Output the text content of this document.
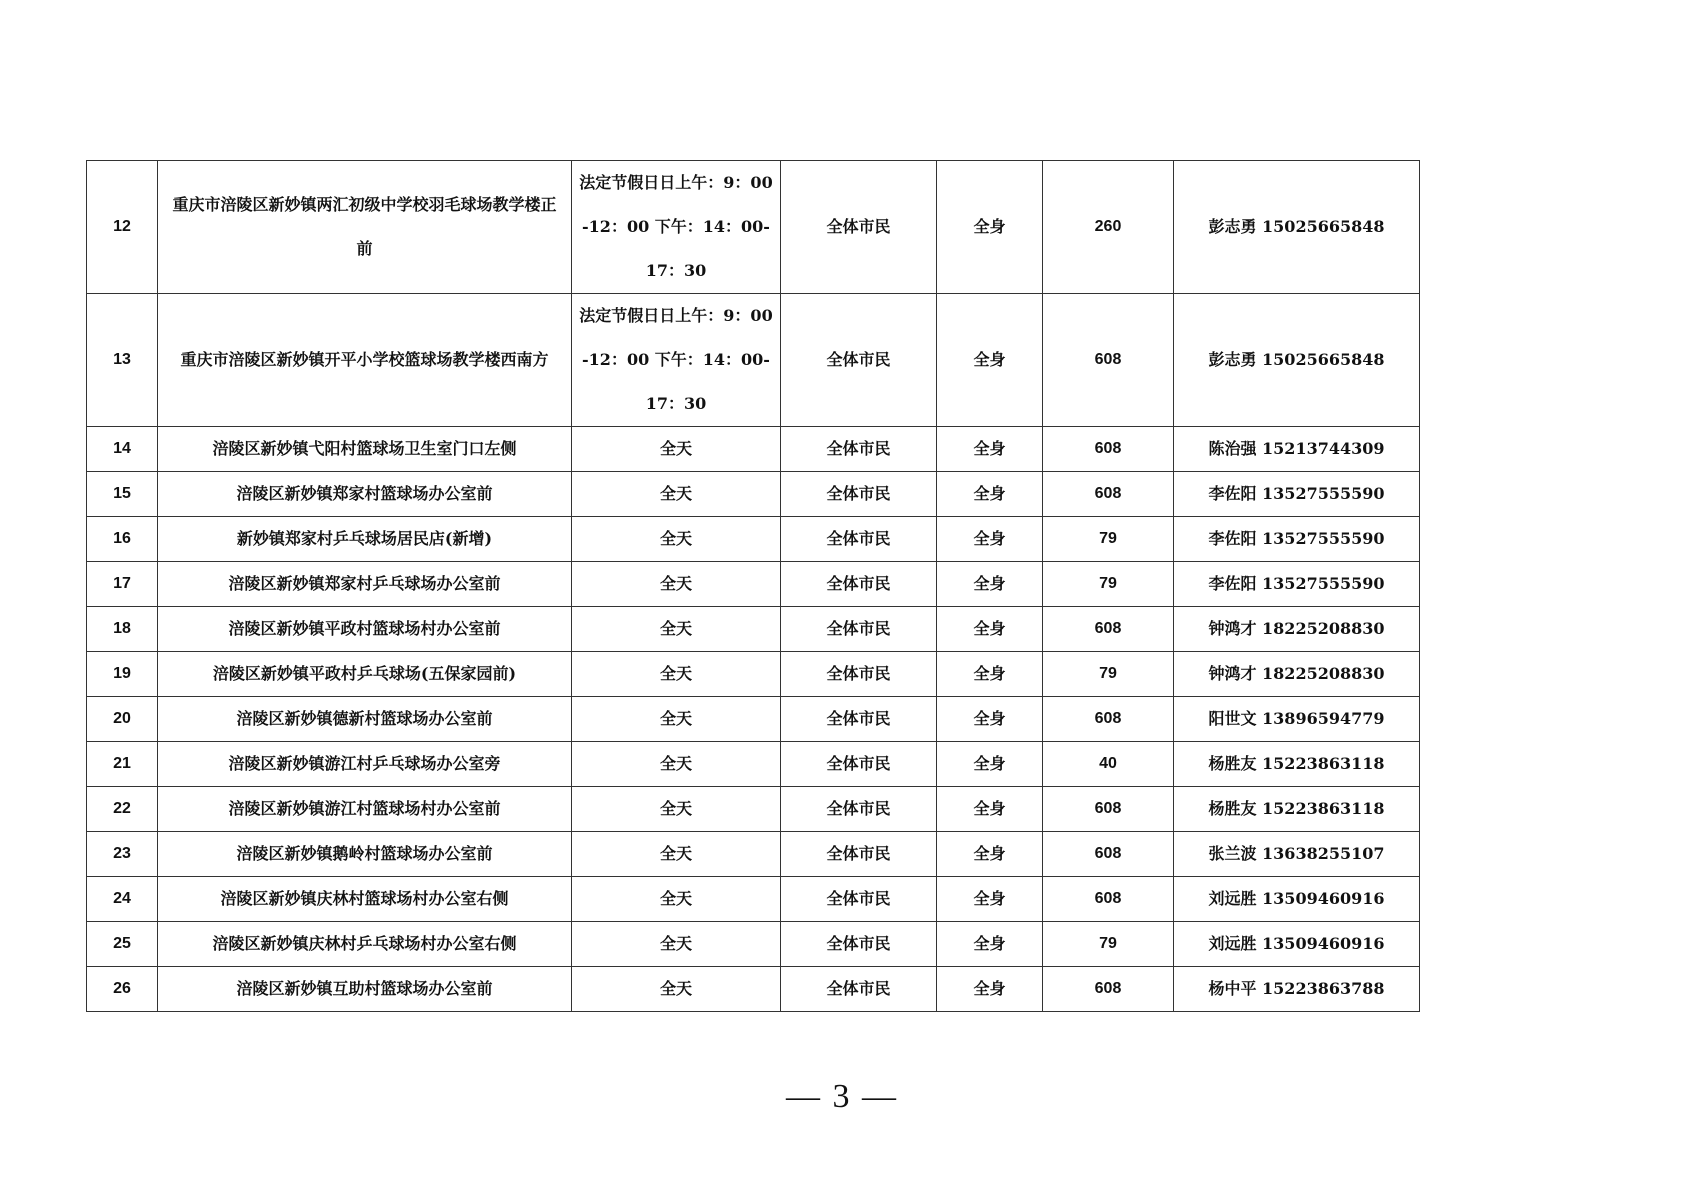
12	重庆市涪陵区新妙镇两汇初级中学校羽毛球场教学楼正前	法定节假日日上午：9：00-12：00 下午：14：00-17：30	全体市民	全身	260	彭志勇 15025665848
13	重庆市涪陵区新妙镇开平小学校篮球场教学楼西南方	法定节假日日上午：9：00-12：00 下午：14：00-17：30	全体市民	全身	608	彭志勇 15025665848
14	涪陵区新妙镇弋阳村篮球场卫生室门口左侧	全天	全体市民	全身	608	陈治强 15213744309
15	涪陵区新妙镇郑家村篮球场办公室前	全天	全体市民	全身	608	李佐阳 13527555590
16	新妙镇郑家村乒乓球场居民店(新增)	全天	全体市民	全身	79	李佐阳 13527555590
17	涪陵区新妙镇郑家村乒乓球场办公室前	全天	全体市民	全身	79	李佐阳 13527555590
18	涪陵区新妙镇平政村篮球场村办公室前	全天	全体市民	全身	608	钟鸿才 18225208830
19	涪陵区新妙镇平政村乒乓球场(五保家园前)	全天	全体市民	全身	79	钟鸿才 18225208830
20	涪陵区新妙镇德新村篮球场办公室前	全天	全体市民	全身	608	阳世文 13896594779
21	涪陵区新妙镇游江村乒乓球场办公室旁	全天	全体市民	全身	40	杨胜友 15223863118
22	涪陵区新妙镇游江村篮球场村办公室前	全天	全体市民	全身	608	杨胜友 15223863118
23	涪陵区新妙镇鹅岭村篮球场办公室前	全天	全体市民	全身	608	张兰波 13638255107
24	涪陵区新妙镇庆林村篮球场村办公室右侧	全天	全体市民	全身	608	刘远胜 13509460916
25	涪陵区新妙镇庆林村乒乓球场村办公室右侧	全天	全体市民	全身	79	刘远胜 13509460916
26	涪陵区新妙镇互助村篮球场办公室前	全天	全体市民	全身	608	杨中平 15223863788
— 3 —
